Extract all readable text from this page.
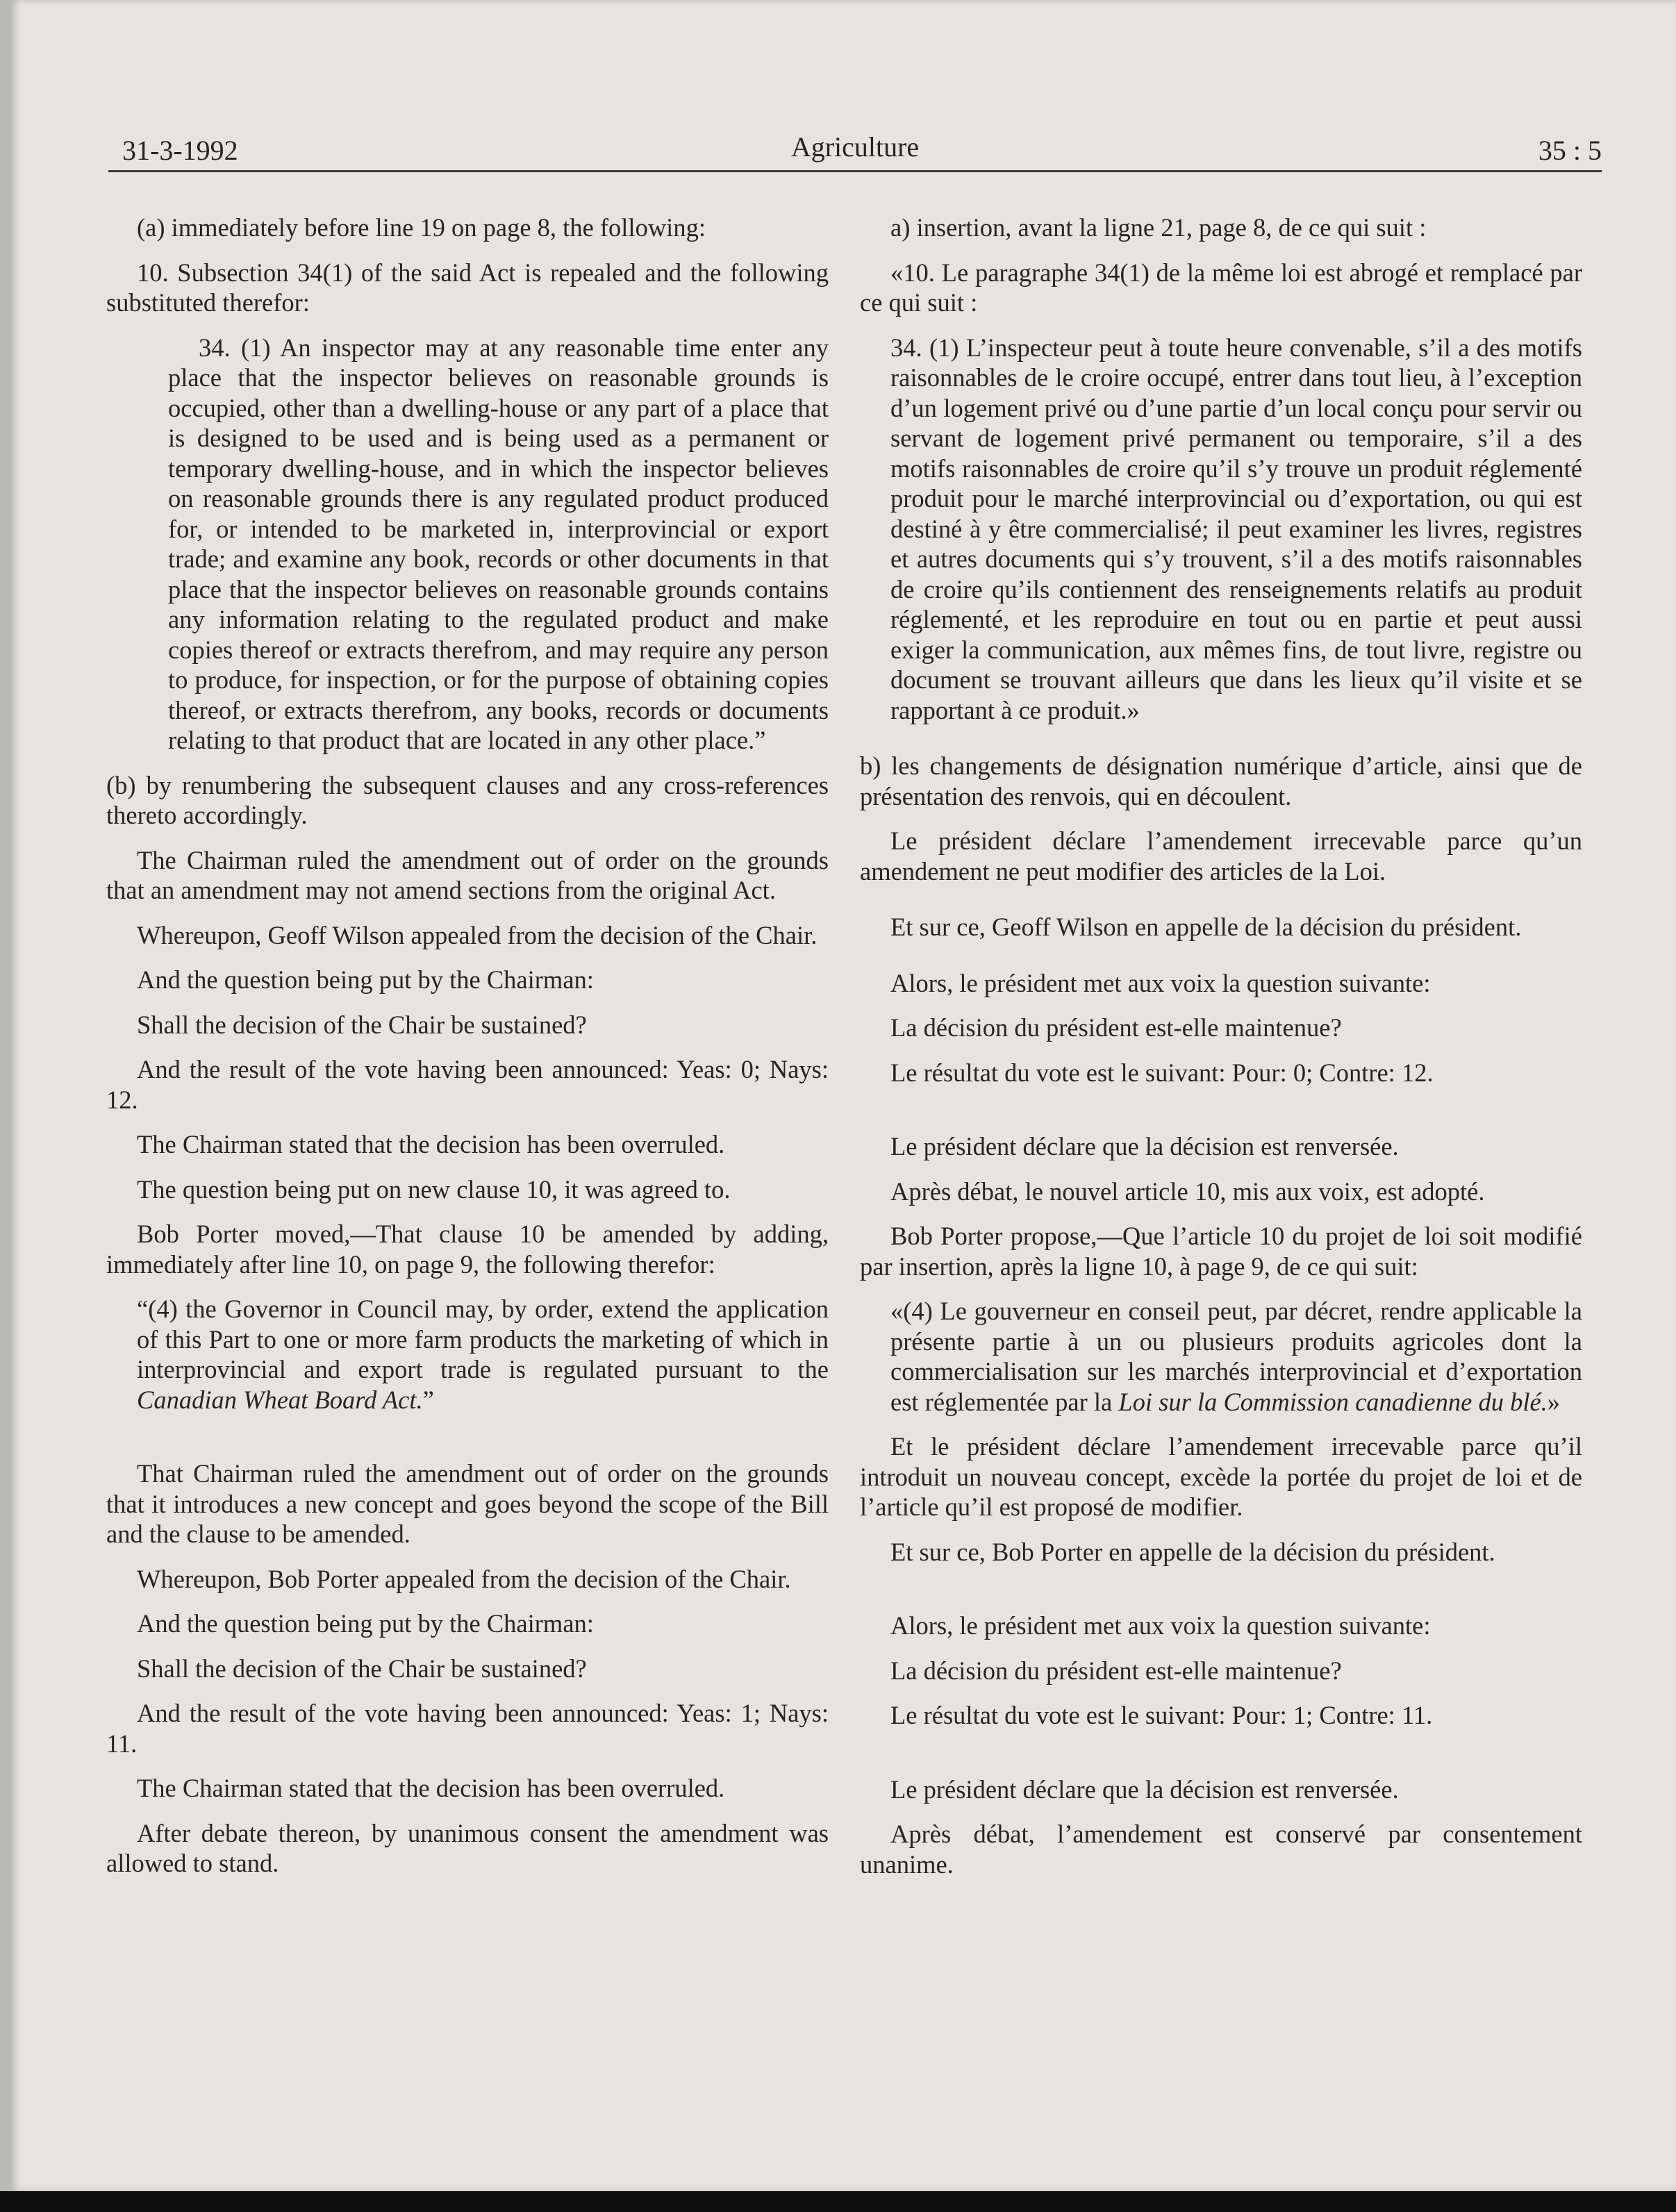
31-3-1992	Agriculture	35 : 5

(a) immediately before line 19 on page 8, the following:

10. Subsection 34(1) of the said Act is repealed and the following substituted therefor:

34. (1) An inspector may at any reasonable time enter any place that the inspector believes on reasonable grounds is occupied, other than a dwelling-house or any part of a place that is designed to be used and is being used as a permanent or temporary dwelling-house, and in which the inspector believes on reasonable grounds there is any regulated product produced for, or intended to be marketed in, interprovincial or export trade; and examine any book, records or other documents in that place that the inspector believes on reasonable grounds contains any information relating to the regulated product and make copies thereof or extracts therefrom, and may require any person to produce, for inspection, or for the purpose of obtaining copies thereof, or extracts therefrom, any books, records or documents relating to that product that are located in any other place.”

(b) by renumbering the subsequent clauses and any cross-references thereto accordingly.

The Chairman ruled the amendment out of order on the grounds that an amendment may not amend sections from the original Act.

Whereupon, Geoff Wilson appealed from the decision of the Chair.

And the question being put by the Chairman:

Shall the decision of the Chair be sustained?

And the result of the vote having been announced: Yeas: 0; Nays: 12.

The Chairman stated that the decision has been overruled.

The question being put on new clause 10, it was agreed to.

Bob Porter moved,—That clause 10 be amended by adding, immediately after line 10, on page 9, the following therefor:

“(4) the Governor in Council may, by order, extend the application of this Part to one or more farm products the marketing of which in interprovincial and export trade is regulated pursuant to the Canadian Wheat Board Act.”

That Chairman ruled the amendment out of order on the grounds that it introduces a new concept and goes beyond the scope of the Bill and the clause to be amended.

Whereupon, Bob Porter appealed from the decision of the Chair.

And the question being put by the Chairman:

Shall the decision of the Chair be sustained?

And the result of the vote having been announced: Yeas: 1; Nays: 11.

The Chairman stated that the decision has been overruled.

After debate thereon, by unanimous consent the amendment was allowed to stand.

a) insertion, avant la ligne 21, page 8, de ce qui suit :

«10. Le paragraphe 34(1) de la même loi est abrogé et remplacé par ce qui suit :

34. (1) L’inspecteur peut à toute heure convenable, s’il a des motifs raisonnables de le croire occupé, entrer dans tout lieu, à l’exception d’un logement privé ou d’une partie d’un local conçu pour servir ou servant de logement privé permanent ou temporaire, s’il a des motifs raisonnables de croire qu’il s’y trouve un produit réglementé produit pour le marché interprovincial ou d’exportation, ou qui est destiné à y être commercialisé; il peut examiner les livres, registres et autres documents qui s’y trouvent, s’il a des motifs raisonnables de croire qu’ils contiennent des renseignements relatifs au produit réglementé, et les reproduire en tout ou en partie et peut aussi exiger la communication, aux mêmes fins, de tout livre, registre ou document se trouvant ailleurs que dans les lieux qu’il visite et se rapportant à ce produit.»

b) les changements de désignation numérique d’article, ainsi que de présentation des renvois, qui en découlent.

Le président déclare l’amendement irrecevable parce qu’un amendement ne peut modifier des articles de la Loi.

Et sur ce, Geoff Wilson en appelle de la décision du président.

Alors, le président met aux voix la question suivante:

La décision du président est-elle maintenue?

Le résultat du vote est le suivant: Pour: 0; Contre: 12.

Le président déclare que la décision est renversée.

Après débat, le nouvel article 10, mis aux voix, est adopté.

Bob Porter propose,—Que l’article 10 du projet de loi soit modifié par insertion, après la ligne 10, à page 9, de ce qui suit:

«(4) Le gouverneur en conseil peut, par décret, rendre applicable la présente partie à un ou plusieurs produits agricoles dont la commercialisation sur les marchés interprovincial et d’exportation est réglementée par la Loi sur la Commission canadienne du blé.»

Et le président déclare l’amendement irrecevable parce qu’il introduit un nouveau concept, excède la portée du projet de loi et de l’article qu’il est proposé de modifier.

Et sur ce, Bob Porter en appelle de la décision du président.

Alors, le président met aux voix la question suivante:

La décision du président est-elle maintenue?

Le résultat du vote est le suivant: Pour: 1; Contre: 11.

Le président déclare que la décision est renversée.

Après débat, l’amendement est conservé par consentement unanime.
